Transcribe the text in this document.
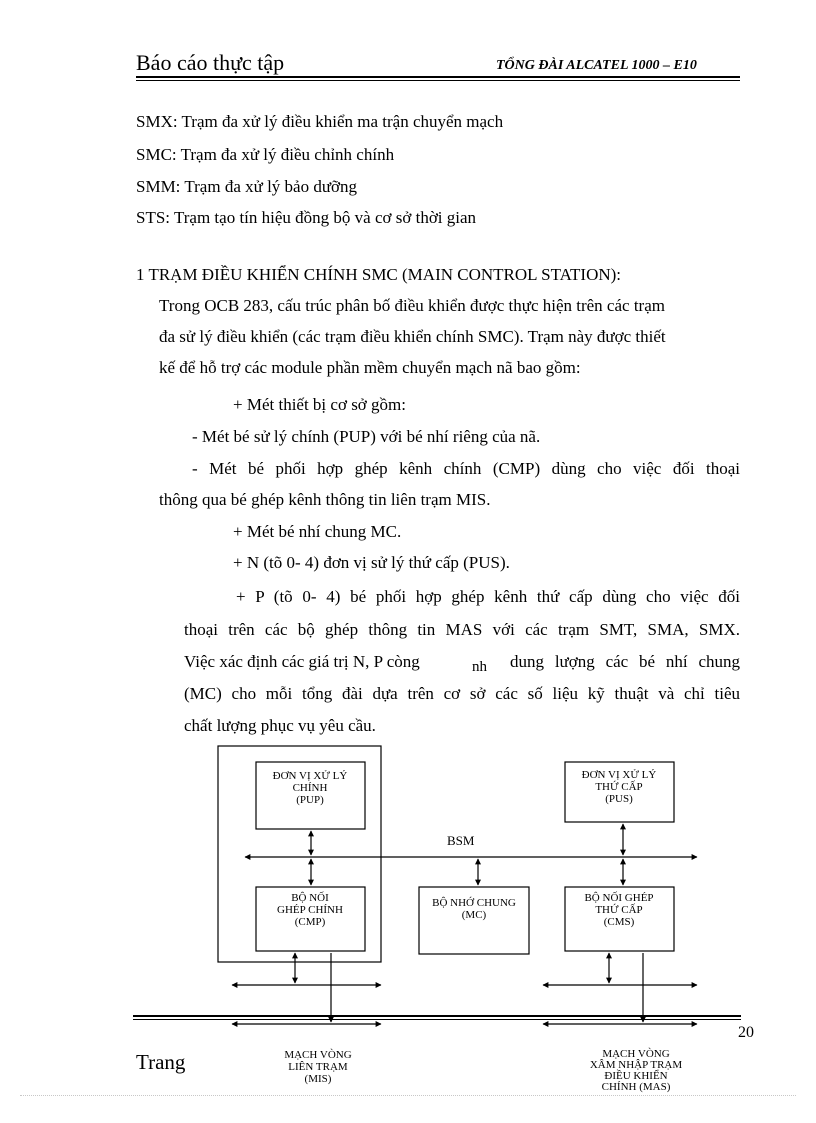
Báo cáo thực tập	TỔNG ĐÀI ALCATEL 1000 – E10
SMX: Trạm đa xử lý điều khiển ma trận chuyển mạch
SMC: Trạm đa xử lý điều chỉnh chính
SMM: Trạm đa xử lý bảo dưỡng
STS: Trạm tạo tín hiệu đồng bộ và cơ sở thời gian
1 TRẠM ĐIỀU KHIỂN CHÍNH SMC (MAIN CONTROL STATION):
Trong OCB 283, cấu trúc phân bố điều khiển được thực hiện trên các trạm
đa sử lý điều khiển (các trạm điều khiển chính SMC). Trạm này được thiết
kế để hỗ trợ các module phần mềm chuyển mạch nã bao gồm:
+ Mét thiết bị cơ sở gồm:
- Mét bé sử lý chính (PUP) với bé nhí riêng của nã.
- Mét bé phối hợp ghép kênh chính (CMP) dùng cho việc đối thoại
thông qua bé ghép kênh thông tin liên trạm MIS.
+ Mét bé nhí chung MC.
+ N (tõ 0- 4) đơn vị sử lý thứ cấp (PUS).
+ P (tõ 0- 4) bé phối hợp ghép kênh thứ cấp dùng cho việc đối
thoại trên các bộ ghép thông tin MAS với các trạm SMT, SMA, SMX.
Việc xác định các giá trị N, P còng	nh dung lượng các bé nhí chung
(MC) cho mỗi tổng đài dựa trên cơ sở các số liệu kỹ thuật và chỉ tiêu
chất lượng phục vụ yêu cầu.
ĐƠN VỊ XỬ LÝ
CHÍNH
(PUP)
ĐƠN VỊ XỬ LÝ
THỨ CẤP
(PUS)
BỘ NỐI
GHÉP CHÍNH
(CMP)
BỘ NHỚ CHUNG
(MC)
BỘ NỐI GHÉP
THỨ CẤP
(CMS)
MẠCH VÒNG
LIÊN TRẠM
(MIS)
MẠCH VÒNG
XÂM NHẬP TRẠM
ĐIỀU KHIỂN
CHÍNH (MAS)
BSM
20
Trang
